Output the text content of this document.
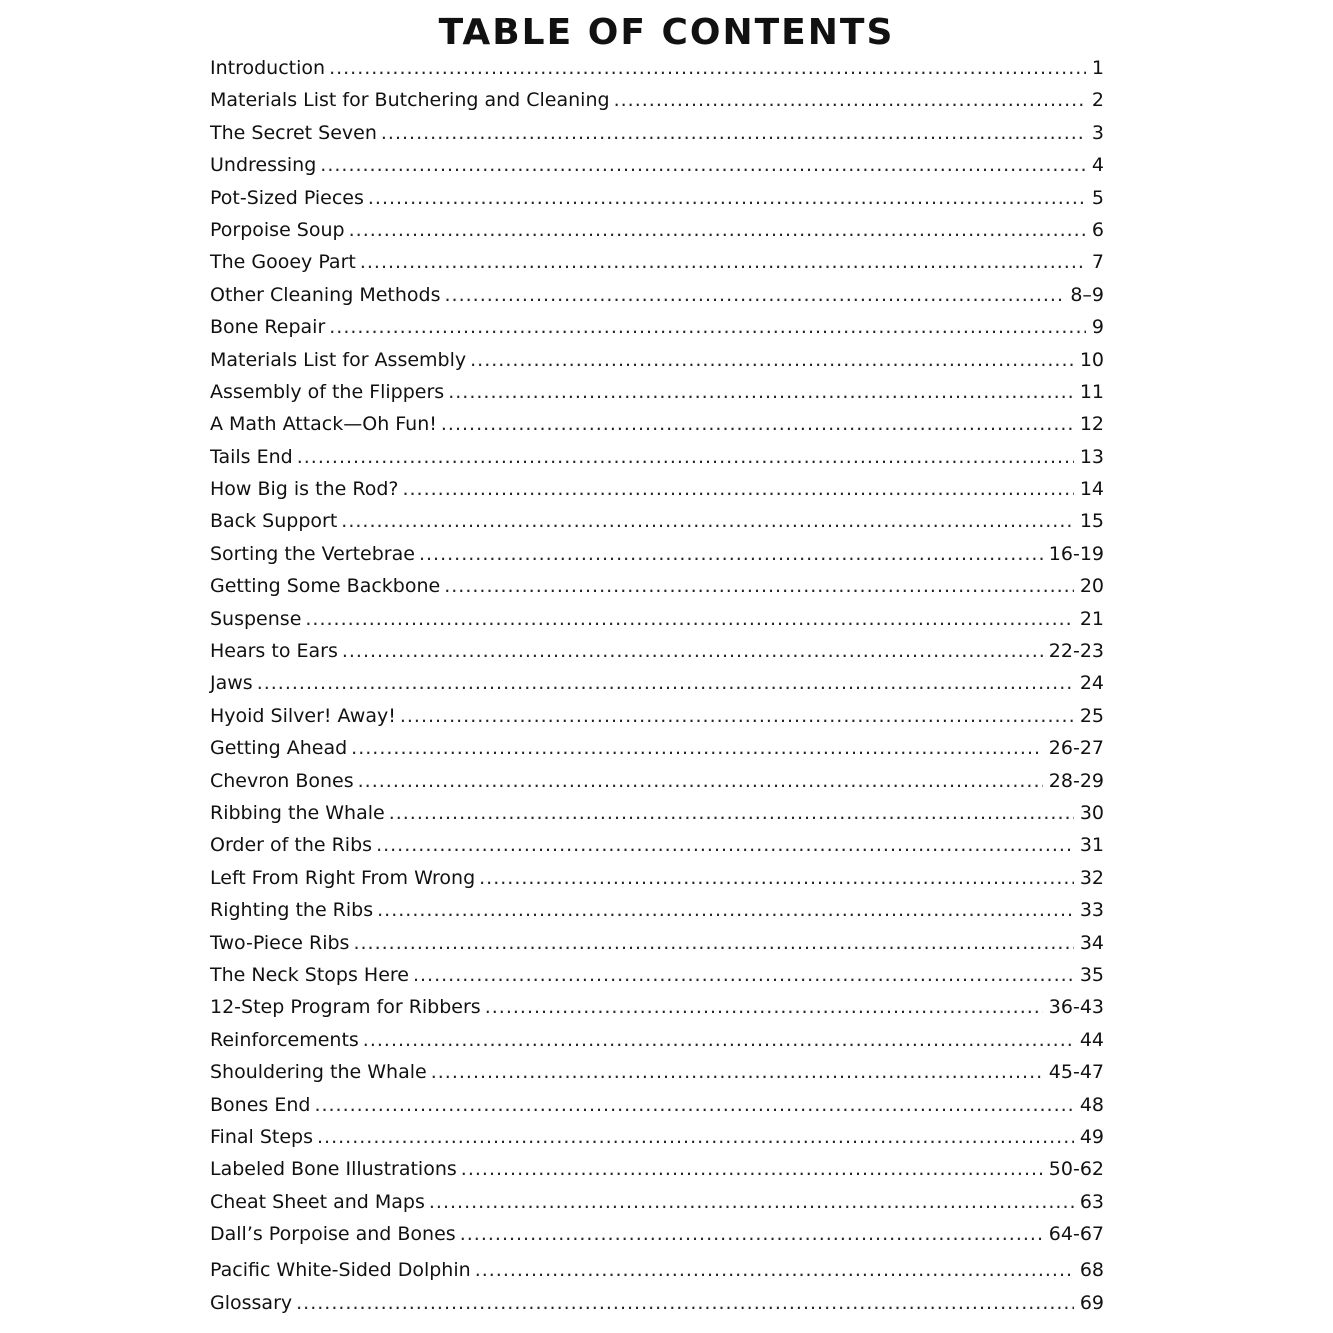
TABLE OF CONTENTS
Introduction .....	1
Materials List for Butchering and Cleaning .....	2
The Secret Seven .....	3
Undressing .....	4
Pot-Sized Pieces .....	5
Porpoise Soup .....	6
The Gooey Part .....	7
Other Cleaning Methods .....	8–9
Bone Repair .....	9
Materials List for Assembly .....	10
Assembly of the Flippers .....	11
A Math Attack—Oh Fun! .....	12
Tails End .....	13
How Big is the Rod? .....	14
Back Support .....	15
Sorting the Vertebrae .....	16-19
Getting Some Backbone .....	20
Suspense .....	21
Hears to Ears .....	22-23
Jaws .....	24
Hyoid Silver! Away! .....	25
Getting Ahead .....	26-27
Chevron Bones .....	28-29
Ribbing the Whale .....	30
Order of the Ribs .....	31
Left From Right From Wrong .....	32
Righting the Ribs .....	33
Two-Piece Ribs .....	34
The Neck Stops Here .....	35
12-Step Program for Ribbers .....	36-43
Reinforcements .....	44
Shouldering the Whale .....	45-47
Bones End .....	48
Final Steps .....	49
Labeled Bone Illustrations .....	50-62
Cheat Sheet and Maps .....	63
Dall’s Porpoise and Bones .....	64-67
Pacific White-Sided Dolphin .....	68
Glossary .....	69
